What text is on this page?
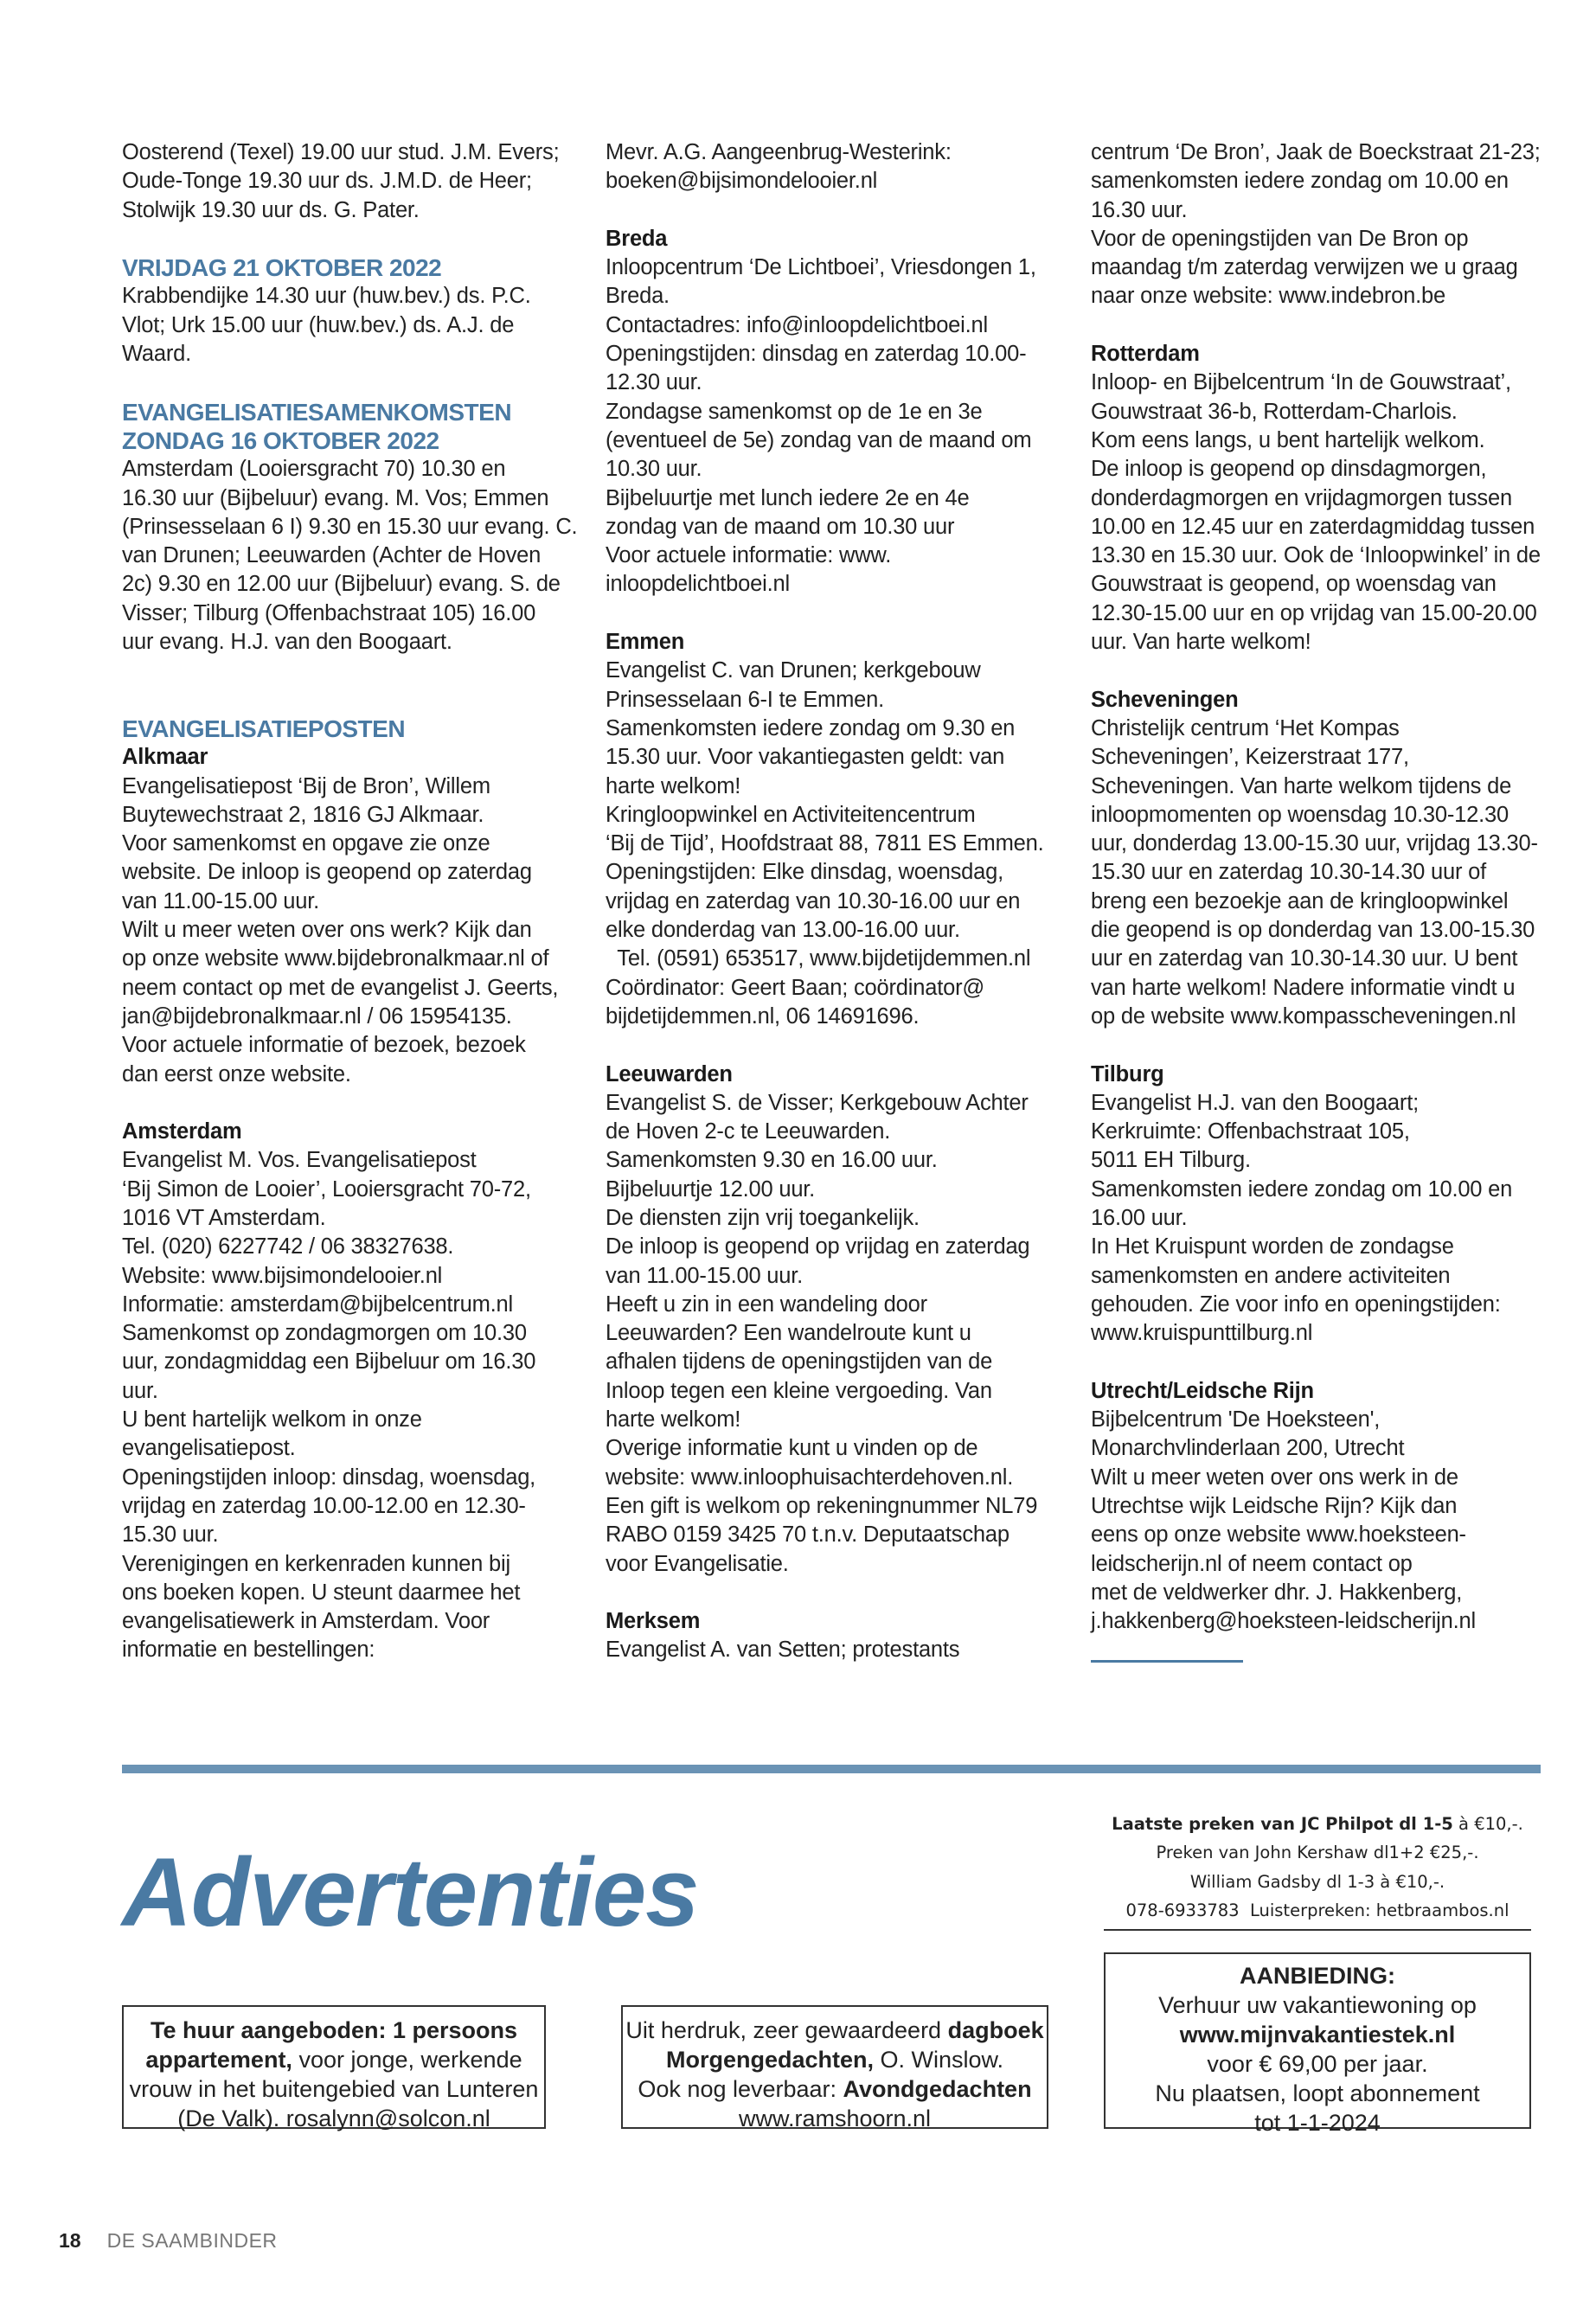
Oosterend (Texel) 19.00 uur stud. J.M. Evers;
Oude-Tonge 19.30 uur ds. J.M.D. de Heer;
Stolwijk 19.30 uur ds. G. Pater.
VRIJDAG 21 OKTOBER 2022
Krabbendijke 14.30 uur (huw.bev.) ds. P.C.
Vlot; Urk 15.00 uur (huw.bev.) ds. A.J. de
Waard.
EVANGELISATIESAMENKOMSTEN
ZONDAG 16 OKTOBER 2022
Amsterdam (Looiersgracht 70) 10.30 en
16.30 uur (Bijbeluur) evang. M. Vos; Emmen
(Prinsesselaan 6 I) 9.30 en 15.30 uur evang. C.
van Drunen; Leeuwarden (Achter de Hoven
2c) 9.30 en 12.00 uur (Bijbeluur) evang. S. de
Visser; Tilburg (Offenbachstraat 105) 16.00
uur evang. H.J. van den Boogaart.
EVANGELISATIEPOSTEN
Alkmaar
Evangelisatiepost ‘Bij de Bron’, Willem
Buytewechstraat 2, 1816 GJ Alkmaar.
Voor samenkomst en opgave zie onze
website. De inloop is geopend op zaterdag
van 11.00-15.00 uur.
Wilt u meer weten over ons werk? Kijk dan
op onze website www.bijdebronalkmaar.nl of
neem contact op met de evangelist J. Geerts,
jan@bijdebronalkmaar.nl / 06 15954135.
Voor actuele informatie of bezoek, bezoek
dan eerst onze website.
Amsterdam
Evangelist M. Vos. Evangelisatiepost
‘Bij Simon de Looier’, Looiersgracht 70-72,
1016 VT Amsterdam.
Tel. (020) 6227742 / 06 38327638.
Website: www.bijsimondelooier.nl
Informatie: amsterdam@bijbelcentrum.nl
Samenkomst op zondagmorgen om 10.30
uur, zondagmiddag een Bijbeluur om 16.30
uur.
U bent hartelijk welkom in onze
evangelisatiepost.
Openingstijden inloop: dinsdag, woensdag,
vrijdag en zaterdag 10.00-12.00 en 12.30-
15.30 uur.
Verenigingen en kerkenraden kunnen bij
ons boeken kopen. U steunt daarmee het
evangelisatiewerk in Amsterdam. Voor
informatie en bestellingen:
Mevr. A.G. Aangeenbrug-Westerink:
boeken@bijsimondelooier.nl
Breda
Inloopcentrum ‘De Lichtboei’, Vriesdongen 1,
Breda.
Contactadres: info@inloopdelichtboei.nl
Openingstijden: dinsdag en zaterdag 10.00-
12.30 uur.
Zondagse samenkomst op de 1e en 3e
(eventueel de 5e) zondag van de maand om
10.30 uur.
Bijbeluurtje met lunch iedere 2e en 4e
zondag van de maand om 10.30 uur
Voor actuele informatie: www.
inloopdelichtboei.nl
Emmen
Evangelist C. van Drunen; kerkgebouw
Prinsesselaan 6-I te Emmen.
Samenkomsten iedere zondag om 9.30 en
15.30 uur. Voor vakantiegasten geldt: van
harte welkom!
Kringloopwinkel en Activiteitencentrum
‘Bij de Tijd’, Hoofdstraat 88, 7811 ES Emmen.
Openingstijden: Elke dinsdag, woensdag,
vrijdag en zaterdag van 10.30-16.00 uur en
elke donderdag van 13.00-16.00 uur.
Tel. (0591) 653517, www.bijdetijdemmen.nl
Coördinator: Geert Baan; coördinator@
bijdetijdemmen.nl, 06 14691696.
Leeuwarden
Evangelist S. de Visser; Kerkgebouw Achter
de Hoven 2-c te Leeuwarden.
Samenkomsten 9.30 en 16.00 uur.
Bijbeluurtje 12.00 uur.
De diensten zijn vrij toegankelijk.
De inloop is geopend op vrijdag en zaterdag
van 11.00-15.00 uur.
Heeft u zin in een wandeling door
Leeuwarden? Een wandelroute kunt u
afhalen tijdens de openingstijden van de
Inloop tegen een kleine vergoeding. Van
harte welkom!
Overige informatie kunt u vinden op de
website: www.inloophuisachterdehoven.nl.
Een gift is welkom op rekeningnummer NL79
RABO 0159 3425 70 t.n.v. Deputaatschap
voor Evangelisatie.
Merksem
Evangelist A. van Setten; protestants
centrum ‘De Bron’, Jaak de Boeckstraat 21-23;
samenkomsten iedere zondag om 10.00 en
16.30 uur.
Voor de openingstijden van De Bron op
maandag t/m zaterdag verwijzen we u graag
naar onze website: www.indebron.be
Rotterdam
Inloop- en Bijbelcentrum ‘In de Gouwstraat’,
Gouwstraat 36-b, Rotterdam-Charlois.
Kom eens langs, u bent hartelijk welkom.
De inloop is geopend op dinsdagmorgen,
donderdagmorgen en vrijdagmorgen tussen
10.00 en 12.45 uur en zaterdagmiddag tussen
13.30 en 15.30 uur. Ook de ‘Inloopwinkel’ in de
Gouwstraat is geopend, op woensdag van
12.30-15.00 uur en op vrijdag van 15.00-20.00
uur. Van harte welkom!
Scheveningen
Christelijk centrum ‘Het Kompas
Scheveningen’, Keizerstraat 177,
Scheveningen. Van harte welkom tijdens de
inloopmomenten op woensdag 10.30-12.30
uur, donderdag 13.00-15.30 uur, vrijdag 13.30-
15.30 uur en zaterdag 10.30-14.30 uur of
breng een bezoekje aan de kringloopwinkel
die geopend is op donderdag van 13.00-15.30
uur en zaterdag van 10.30-14.30 uur. U bent
van harte welkom! Nadere informatie vindt u
op de website www.kompasscheveningen.nl
Tilburg
Evangelist H.J. van den Boogaart;
Kerkruimte: Offenbachstraat 105,
5011 EH Tilburg.
Samenkomsten iedere zondag om 10.00 en
16.00 uur.
In Het Kruispunt worden de zondagse
samenkomsten en andere activiteiten
gehouden. Zie voor info en openingstijden:
www.kruispunttilburg.nl
Utrecht/Leidsche Rijn
Bijbelcentrum 'De Hoeksteen',
Monarchvlinderlaan 200, Utrecht
Wilt u meer weten over ons werk in de
Utrechtse wijk Leidsche Rijn? Kijk dan
eens op onze website www.hoeksteen-
leidscherijn.nl of neem contact op
met de veldwerker dhr. J. Hakkenberg,
j.hakkenberg@hoeksteen-leidscherijn.nl
Advertenties
Laatste preken van JC Philpot dl 1-5 à €10,-.
Preken van John Kershaw dl1+2 €25,-.
William Gadsby dl 1-3 à €10,-.
078-6933783  Luisterpreken: hetbraambos.nl
Te huur aangeboden: 1 persoons
appartement, voor jonge, werkende
vrouw in het buitengebied van Lunteren
(De Valk). rosalynn@solcon.nl
Uit herdruk, zeer gewaardeerd dagboek
Morgengedachten, O. Winslow.
Ook nog leverbaar: Avondgedachten
www.ramshoorn.nl
AANBIEDING:
Verhuur uw vakantiewoning op
www.mijnvakantiestek.nl
voor € 69,00 per jaar.
Nu plaatsen, loopt abonnement
tot 1-1-2024
18 DE SAAMBINDER
